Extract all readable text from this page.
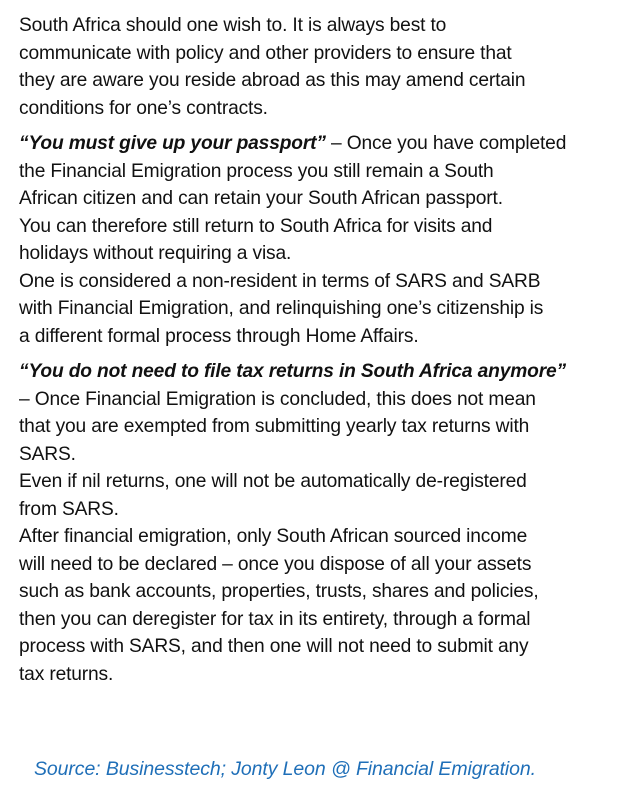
South Africa should one wish to. It is always best to
communicate with policy and other providers to ensure that
they are aware you reside abroad as this may amend certain
conditions for one’s contracts.

“You must give up your passport” – Once you have completed
the Financial Emigration process you still remain a South
African citizen and can retain your South African passport.
You can therefore still return to South Africa for visits and
holidays without requiring a visa.
One is considered a non-resident in terms of SARS and SARB
with Financial Emigration, and relinquishing one’s citizenship is
a different formal process through Home Affairs.

“You do not need to file tax returns in South Africa anymore”
– Once Financial Emigration is concluded, this does not mean
that you are exempted from submitting yearly tax returns with
SARS.
Even if nil returns, one will not be automatically de-registered
from SARS.
After financial emigration, only South African sourced income
will need to be declared – once you dispose of all your assets
such as bank accounts, properties, trusts, shares and policies,
then you can deregister for tax in its entirety, through a formal
process with SARS, and then one will not need to submit any
tax returns.

Source: Businesstech; Jonty Leon @ Financial Emigration.
